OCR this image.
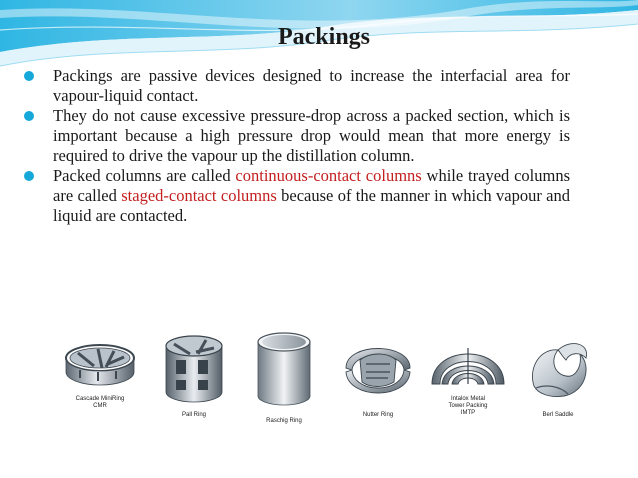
Packings
Packings are passive devices designed to increase the interfacial area for vapour-liquid contact.
They do not cause excessive pressure-drop across a packed section, which is important because a high pressure drop would mean that more energy is required to drive the vapour up the distillation column.
Packed columns are called continuous-contact columns while trayed columns are called staged-contact columns because of the manner in which vapour and liquid are contacted.
Cascade MiniRing
CMR
Pall Ring
Raschig Ring
Nutter Ring
Intalox Metal
Tower Packing
IMTP	Berl Saddle
